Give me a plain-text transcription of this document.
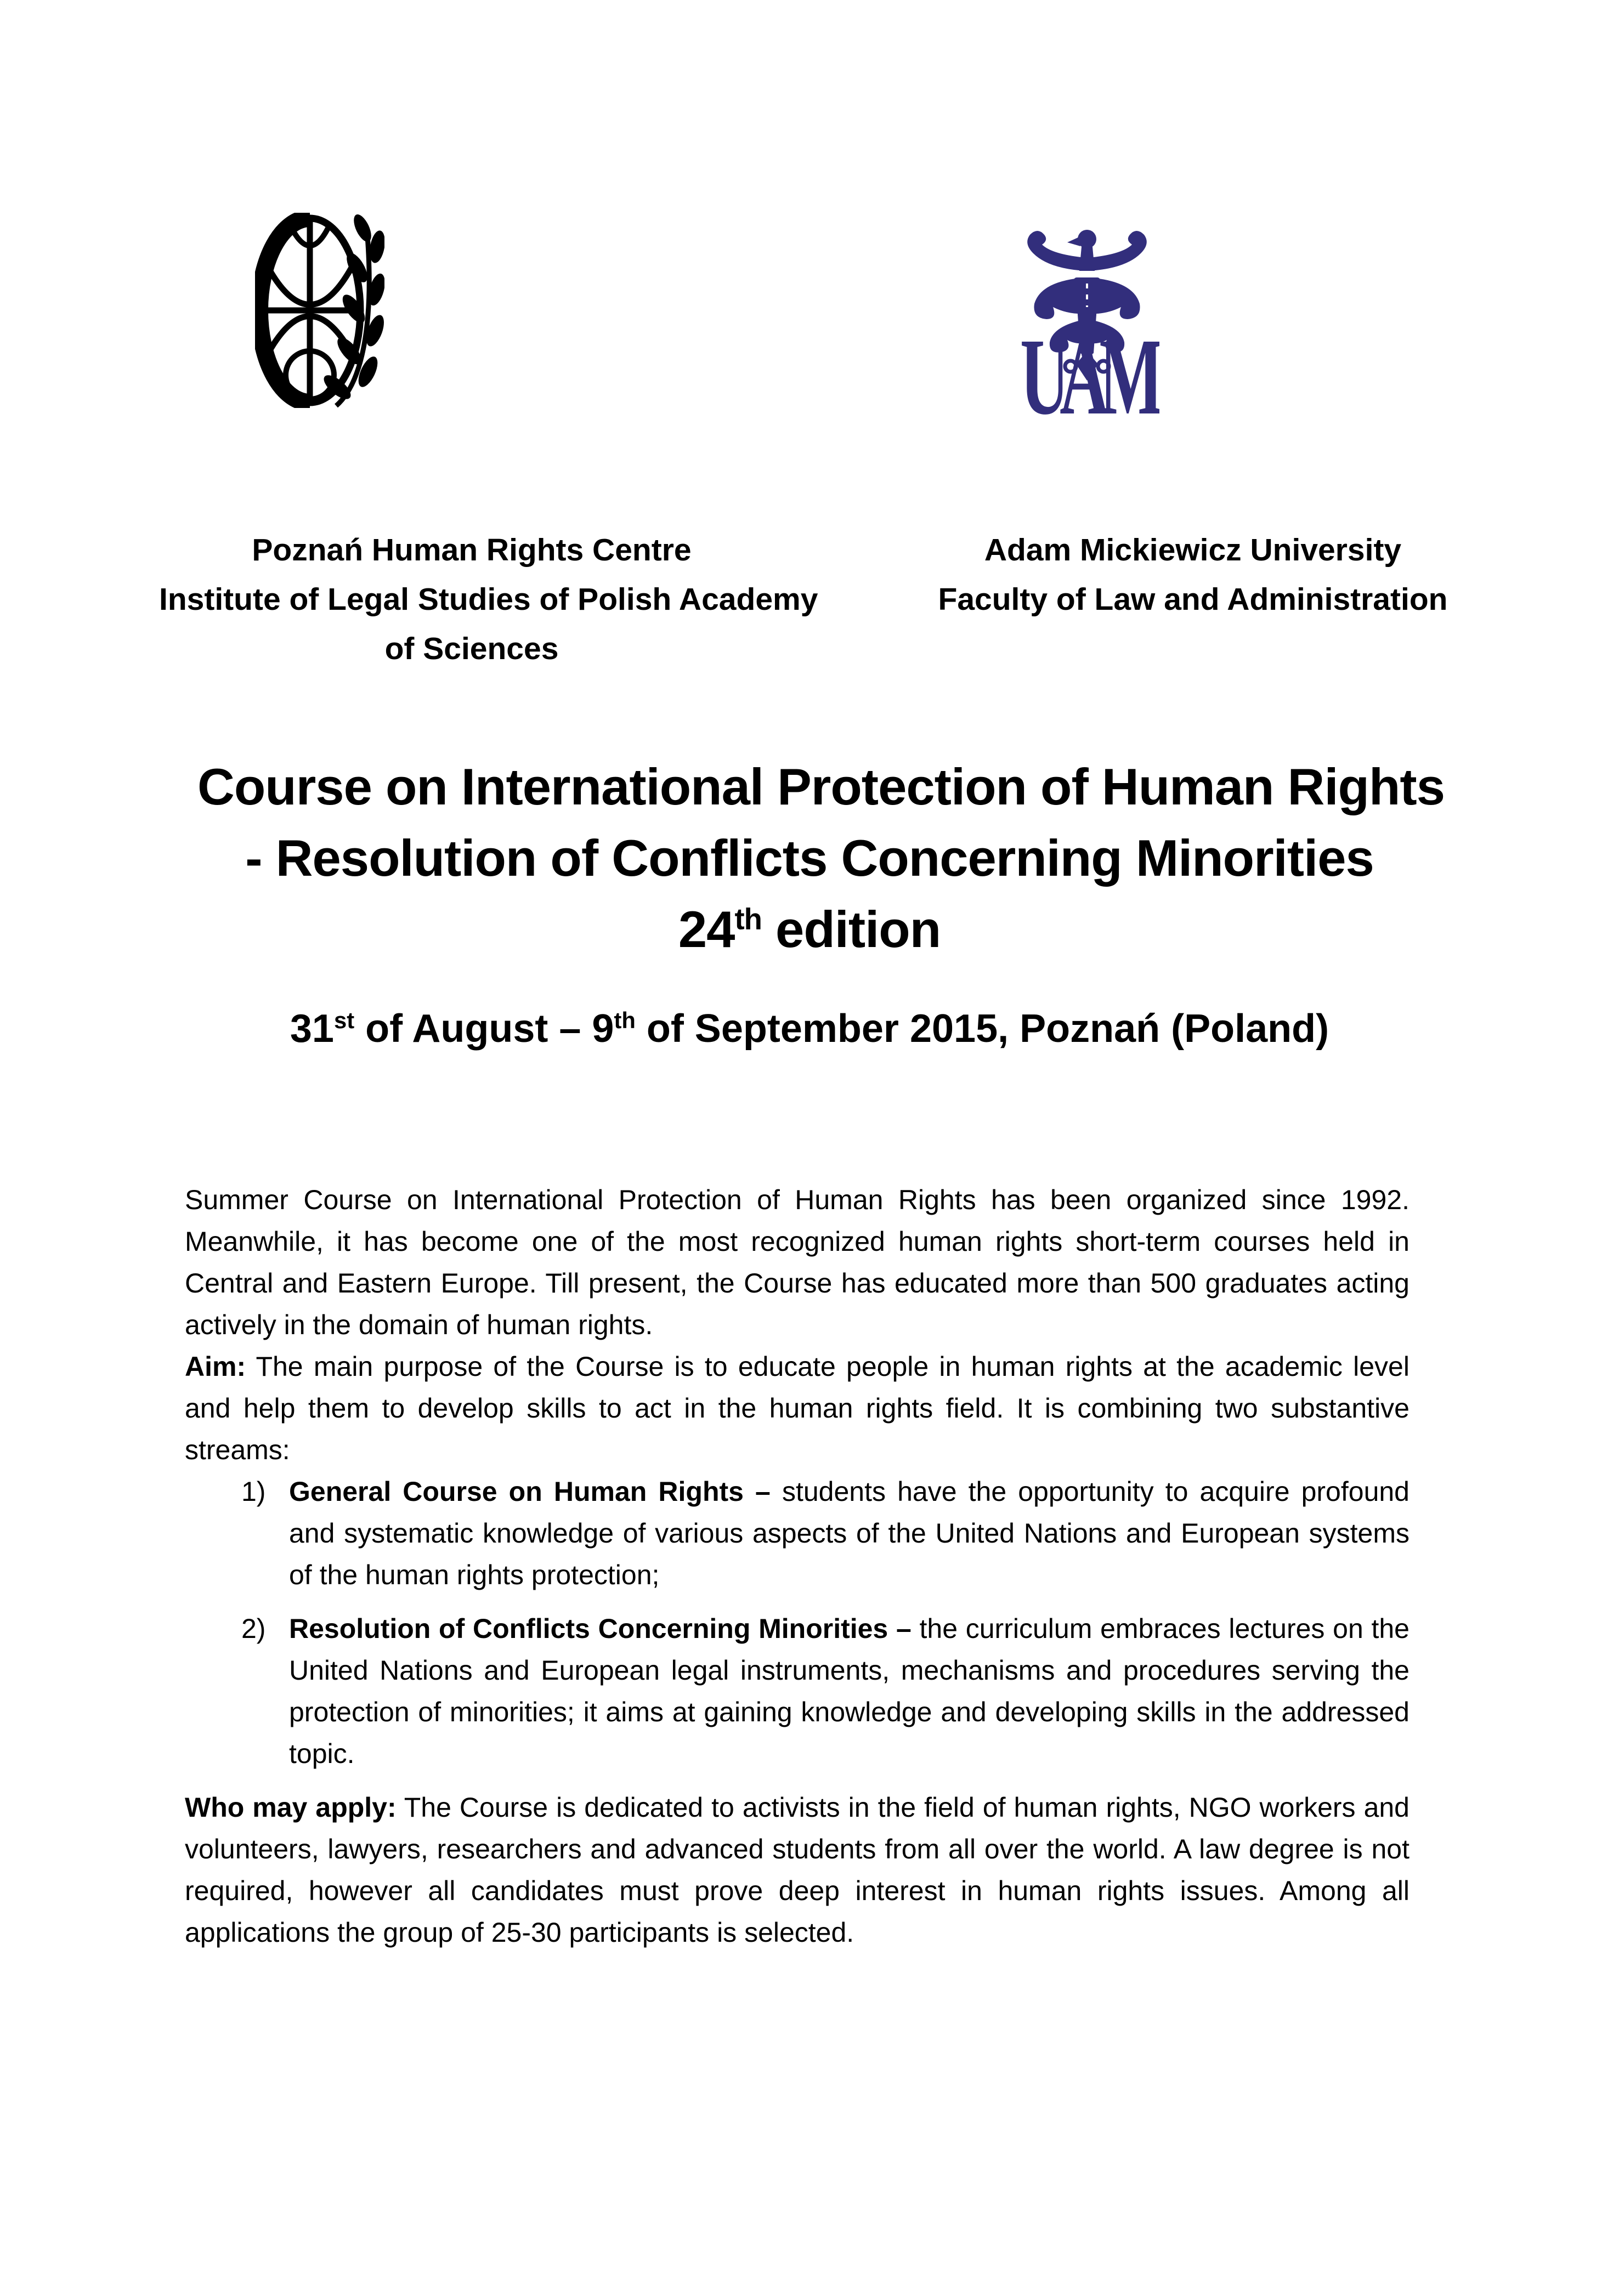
UAM
Poznań Human Rights Centre
Institute of Legal Studies of Polish Academy
of Sciences
Adam Mickiewicz University
Faculty of Law and Administration
Course on International Protection of Human Rights
- Resolution of Conflicts Concerning Minorities
24th edition
31st of August – 9th of September 2015, Poznań (Poland)

Summer Course on International Protection of Human Rights has been organized since 1992. Meanwhile, it has become one of the most recognized human rights short-term courses held in Central and Eastern Europe. Till present, the Course has educated more than 500 graduates acting actively in the domain of human rights.

Aim: The main purpose of the Course is to educate people in human rights at the academic level and help them to develop skills to act in the human rights field. It is combining two substantive streams:

1) General Course on Human Rights – students have the opportunity to acquire profound and systematic knowledge of various aspects of the United Nations and European systems of the human rights protection;
2) Resolution of Conflicts Concerning Minorities – the curriculum embraces lectures on the United Nations and European legal instruments, mechanisms and procedures serving the protection of minorities; it aims at gaining knowledge and developing skills in the addressed topic.

Who may apply: The Course is dedicated to activists in the field of human rights, NGO workers and volunteers, lawyers, researchers and advanced students from all over the world. A law degree is not required, however all candidates must prove deep interest in human rights issues. Among all applications the group of 25-30 participants is selected.
